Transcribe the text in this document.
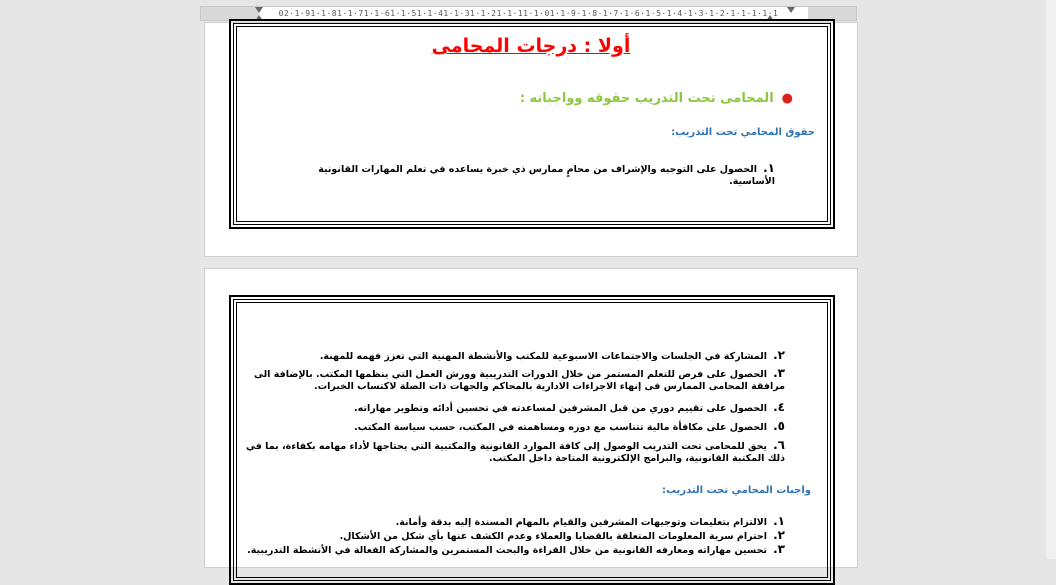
02·1·91·1·81·1·71·1·61·1·51·1·41·1·31·1·21·1·11·1·01·1·9·1·8·1·7·1·6·1·5·1·4·1·3·1·2·1·1·1·1·1
أولا : درجات المحامى
●المحامى تحت التدريب حقوقه وواجباته :
حقوق المحامي تحت التدريب:
١.الحصول على التوجيه والإشراف من محامٍ ممارس ذي خبرة يساعده في تعلم المهارات القانونية الأساسية.
٢.المشاركة في الجلسات والاجتماعات الاسبوعية للمكتب والأنشطة المهنية التي تعزز فهمه للمهنة.
٣.الحصول على فرص للتعلم المستمر من خلال الدورات التدريبية وورش العمل التي ينظمها المكتب. بالإضافة الى مرافقة المحامى الممارس فى إنهاء الاجراءات الادارية بالمحاكم والجهات ذات الصلة لاكتساب الخبرات.
٤.الحصول على تقييم دوري من قبل المشرفين لمساعدته في تحسين أدائه وتطوير مهاراته.
٥.الحصول على مكافأة مالية تتناسب مع دوره ومساهمته في المكتب، حسب سياسة المكتب.
٦.يحق للمحامى تحت التدريب الوصول إلى كافة الموارد القانونية والمكتبية التي يحتاجها لأداء مهامه بكفاءة، بما في ذلك المكتبة القانونية، والبرامج الإلكترونية المتاحة داخل المكتب.
واجبات المحامي تحت التدريب:
١.الالتزام بتعليمات وتوجيهات المشرفين والقيام بالمهام المسندة إليه بدقة وأمانة.
٢.احترام سرية المعلومات المتعلقة بالقضايا والعملاء وعدم الكشف عنها بأي شكل من الأشكال.
٣.تحسين مهاراته ومعارفه القانونية من خلال القراءة والبحث المستمرين والمشاركة الفعالة في الأنشطة التدريبية.
